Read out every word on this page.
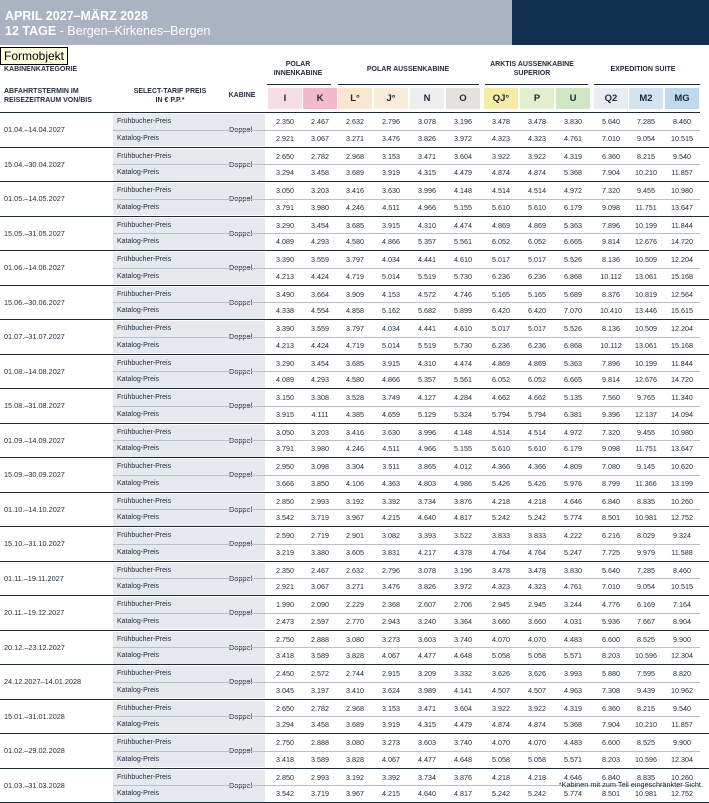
APRIL 2027–MÄRZ 2028
12 TAGE - Bergen–Kirkenes–Bergen
Formobjekt
KABINENKATEGORIE
ABFAHRTSTERMIN IM REISEZEITRAUM VON/BIS
SELECT-TARIF PREIS IN € P.P.*
KABINE
POLAR INNENKABINE	POLAR AUSSENKABINE
ARKTIS AUSSENKABINE SUPERIOR	EXPEDITION SUITE
I	K	L°	J°	N	O	QJ°	P	U	Q2	M2	MG
01.04.–14.04.2027
Frühbucher-Preis
Katalog-Preis
Doppel
2.350	2.467	2.632	2.796	3.078	3.196	3.478	3.478	3.830	5.640	7.285	8.460
2.921	3.067	3.271	3.476	3.826	3.972	4.323	4.323	4.761	7.010	9.054	10.515
15.04.–30.04.2027
Frühbucher-Preis
Katalog-Preis
Doppel
2.650	2.782	2.968	3.153	3.471	3.604	3.922	3.922	4.319	6.360	8.215	9.540
3.294	3.458	3.689	3.919	4.315	4.479	4.874	4.874	5.368	7.904	10.210	11.857
01.05.–14.05.2027
Frühbucher-Preis
Katalog-Preis
Doppel
3.050	3.203	3.416	3.630	3.996	4.148	4.514	4.514	4.972	7.320	9.455	10.980
3.791	3.980	4.246	4.511	4.966	5.155	5.610	5.610	6.179	9.098	11.751	13.647
15.05.–31.05.2027
Frühbucher-Preis
Katalog-Preis
Doppel
3.290	3.454	3.685	3.915	4.310	4.474	4.869	4.869	5.363	7.896	10.199	11.844
4.089	4.293	4.580	4.866	5.357	5.561	6.052	6.052	6.665	9.814	12.676	14.720
01.06.–14.06.2027
Frühbucher-Preis
Katalog-Preis
Doppel
3.390	3.559	3.797	4.034	4.441	4.610	5.017	5.017	5.526	8.136	10.509	12.204
4.213	4.424	4.719	5.014	5.519	5.730	6.236	6.236	6.868	10.112	13.061	15.168
15.06.–30.06.2027
Frühbucher-Preis
Katalog-Preis
Doppel
3.490	3.664	3.909	4.153	4.572	4.746	5.165	5.165	5.689	8.376	10.819	12.564
4.338	4.554	4.858	5.162	5.682	5.899	6.420	6.420	7.070	10.410	13.446	15.615
01.07.–31.07.2027
Frühbucher-Preis
Katalog-Preis
Doppel
3.390	3.559	3.797	4.034	4.441	4.610	5.017	5.017	5.526	8.136	10.509	12.204
4.213	4.424	4.719	5.014	5.519	5.730	6.236	6.236	6.868	10.112	13.061	15.168
01.08.–14.08.2027
Frühbucher-Preis
Katalog-Preis
Doppel
3.290	3.454	3.685	3.915	4.310	4.474	4.869	4.869	5.363	7.896	10.199	11.844
4.089	4.293	4.580	4.866	5.357	5.561	6.052	6.052	6.665	9.814	12.676	14.720
15.08.–31.08.2027
Frühbucher-Preis
Katalog-Preis
Doppel
3.150	3.308	3.528	3.749	4.127	4.284	4.662	4.662	5.135	7.560	9.765	11.340
3.915	4.111	4.385	4.659	5.129	5.324	5.794	5.794	6.381	9.396	12.137	14.094
01.09.–14.09.2027
Frühbucher-Preis
Katalog-Preis
Doppel
3.050	3.203	3.416	3.630	3.996	4.148	4.514	4.514	4.972	7.320	9.455	10.980
3.791	3.980	4.246	4.511	4.966	5.155	5.610	5.610	6.179	9.098	11.751	13.647
15.09.–30.09.2027
Frühbucher-Preis
Katalog-Preis
Doppel
2.950	3.098	3.304	3.511	3.865	4.012	4.366	4.366	4.809	7.080	9.145	10.620
3.666	3.850	4.106	4.363	4.803	4.986	5.426	5.426	5.976	8.799	11.366	13.199
01.10.–14.10.2027
Frühbucher-Preis
Katalog-Preis
Doppel
2.850	2.993	3.192	3.392	3.734	3.876	4.218	4.218	4.646	6.840	8.835	10.260
3.542	3.719	3.967	4.215	4.640	4.817	5.242	5.242	5.774	8.501	10.981	12.752
15.10.–31.10.2027
Frühbucher-Preis
Katalog-Preis
Doppel
2.590	2.719	2.901	3.082	3.393	3.522	3.833	3.833	4.222	6.216	8.029	9.324
3.219	3.380	3.605	3.831	4.217	4.378	4.764	4.764	5.247	7.725	9.979	11.588
01.11.–19.11.2027
Frühbucher-Preis
Katalog-Preis
Doppel
2.350	2.467	2.632	2.796	3.078	3.196	3.478	3.478	3.830	5.640	7.285	8.460
2.921	3.067	3.271	3.476	3.826	3.972	4.323	4.323	4.761	7.010	9.054	10.515
20.11.–19.12.2027
Frühbucher-Preis
Katalog-Preis
Doppel
1.990	2.090	2.229	2.368	2.607	2.706	2.945	2.945	3.244	4.776	6.169	7.164
2.473	2.597	2.770	2.943	3.240	3.364	3.660	3.660	4.031	5.936	7.667	8.904
20.12.–23.12.2027
Frühbucher-Preis
Katalog-Preis
Doppel
2.750	2.888	3.080	3.273	3.603	3.740	4.070	4.070	4.483	6.600	8.525	9.900
3.418	3.589	3.828	4.067	4.477	4.648	5.058	5.058	5.571	8.203	10.596	12.304
24.12.2027–14.01.2028
Frühbucher-Preis
Katalog-Preis
Doppel
2.450	2.572	2.744	2.915	3.209	3.332	3.626	3.626	3.993	5.880	7.595	8.820
3.045	3.197	3.410	3.624	3.989	4.141	4.507	4.507	4.963	7.308	9.439	10.962
15.01.–31.01.2028
Frühbucher-Preis
Katalog-Preis
Doppel
2.650	2.782	2.968	3.153	3.471	3.604	3.922	3.922	4.319	6.360	8.215	9.540
3.294	3.458	3.689	3.919	4.315	4.479	4.874	4.874	5.368	7.904	10.210	11.857
01.02.–29.02.2028
Frühbucher-Preis
Katalog-Preis
Doppel
2.750	2.888	3.080	3.273	3.603	3.740	4.070	4.070	4.483	6.600	8.525	9.900
3.418	3.589	3.828	4.067	4.477	4.648	5.058	5.058	5.571	8.203	10.596	12.304
01.03.–31.03.2028
Frühbucher-Preis
Katalog-Preis
Doppel
2.850	2.993	3.192	3.392	3.734	3.876	4.218	4.218	4.646	6.840	8.835	10.260
3.542	3.719	3.967	4.215	4.640	4.817	5.242	5.242	5.774	8.501	10.981	12.752
*Kabinen mit zum Teil eingeschränkter Sicht.
